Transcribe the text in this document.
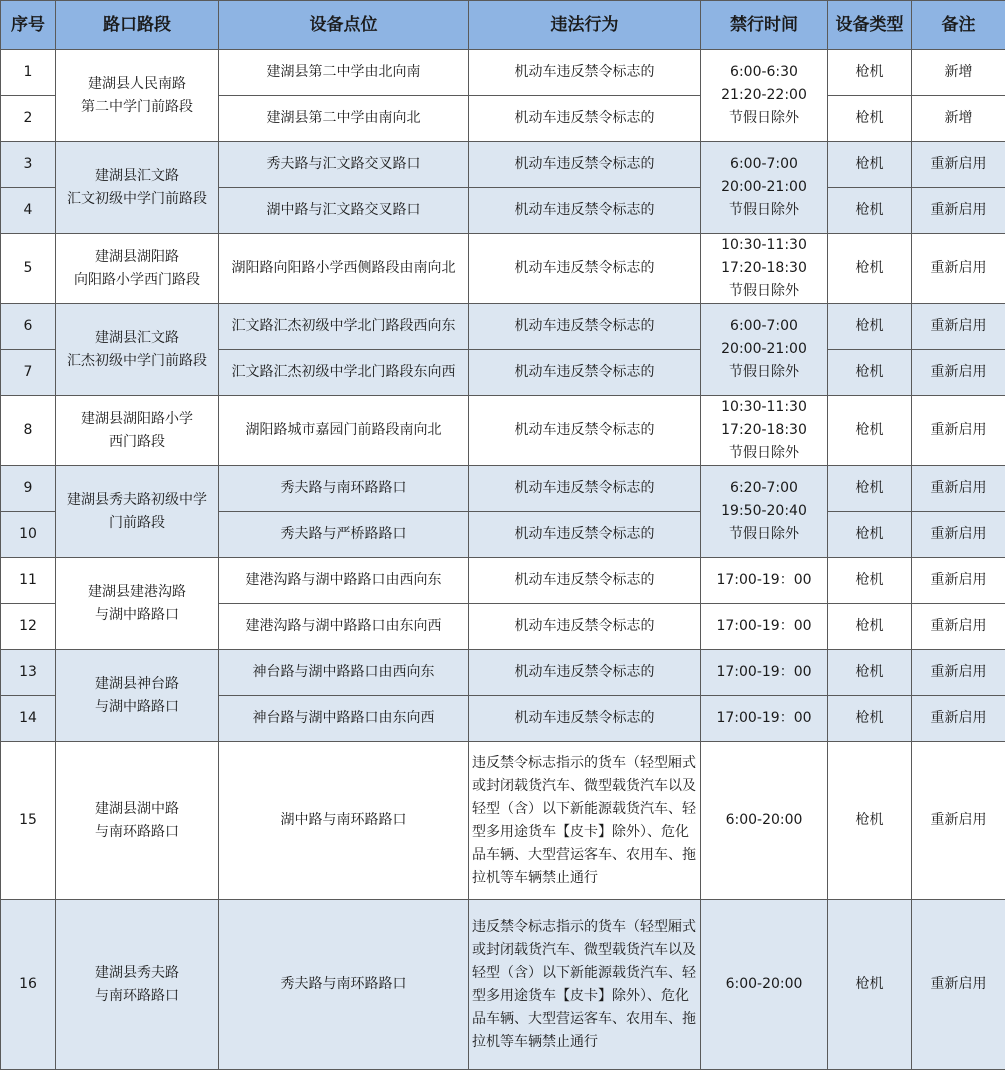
序号	路口路段	设备点位	违法行为	禁行时间	设备类型	备注
1	建湖县人民南路
第二中学门前路段	建湖县第二中学由北向南	机动车违反禁令标志的	6:00-6:30
21:20-22:00
节假日除外	枪机	新增
2		建湖县第二中学由南向北	机动车违反禁令标志的		枪机	新增
3	建湖县汇文路
汇文初级中学门前路段	秀夫路与汇文路交叉路口	机动车违反禁令标志的	6:00-7:00
20:00-21:00
节假日除外	枪机	重新启用
4		湖中路与汇文路交叉路口	机动车违反禁令标志的		枪机	重新启用
5	建湖县湖阳路
向阳路小学西门路段	湖阳路向阳路小学西侧路段由南向北	机动车违反禁令标志的	10:30-11:30
17:20-18:30
节假日除外	枪机	重新启用
6	建湖县汇文路
汇杰初级中学门前路段	汇文路汇杰初级中学北门路段西向东	机动车违反禁令标志的	6:00-7:00
20:00-21:00
节假日除外	枪机	重新启用
7		汇文路汇杰初级中学北门路段东向西	机动车违反禁令标志的		枪机	重新启用
8	建湖县湖阳路小学
西门路段	湖阳路城市嘉园门前路段南向北	机动车违反禁令标志的	10:30-11:30
17:20-18:30
节假日除外	枪机	重新启用
9	建湖县秀夫路初级中学
门前路段	秀夫路与南环路路口	机动车违反禁令标志的	6:20-7:00
19:50-20:40
节假日除外	枪机	重新启用
10		秀夫路与严桥路路口	机动车违反禁令标志的		枪机	重新启用
11	建湖县建港沟路
与湖中路路口	建港沟路与湖中路路口由西向东	机动车违反禁令标志的	17:00-19：00	枪机	重新启用
12		建港沟路与湖中路路口由东向西	机动车违反禁令标志的	17:00-19：00	枪机	重新启用
13	建湖县神台路
与湖中路路口	神台路与湖中路路口由西向东	机动车违反禁令标志的	17:00-19：00	枪机	重新启用
14		神台路与湖中路路口由东向西	机动车违反禁令标志的	17:00-19：00	枪机	重新启用
15	建湖县湖中路
与南环路路口	湖中路与南环路路口	违反禁令标志指示的货车（轻型厢式或封闭载货汽车、微型载货汽车以及轻型（含）以下新能源载货汽车、轻型多用途货车【皮卡】除外）、危化品车辆、大型营运客车、农用车、拖拉机等车辆禁止通行	6:00-20:00	枪机	重新启用
16	建湖县秀夫路
与南环路路口	秀夫路与南环路路口	违反禁令标志指示的货车（轻型厢式或封闭载货汽车、微型载货汽车以及轻型（含）以下新能源载货汽车、轻型多用途货车【皮卡】除外）、危化品车辆、大型营运客车、农用车、拖拉机等车辆禁止通行	6:00-20:00	枪机	重新启用
